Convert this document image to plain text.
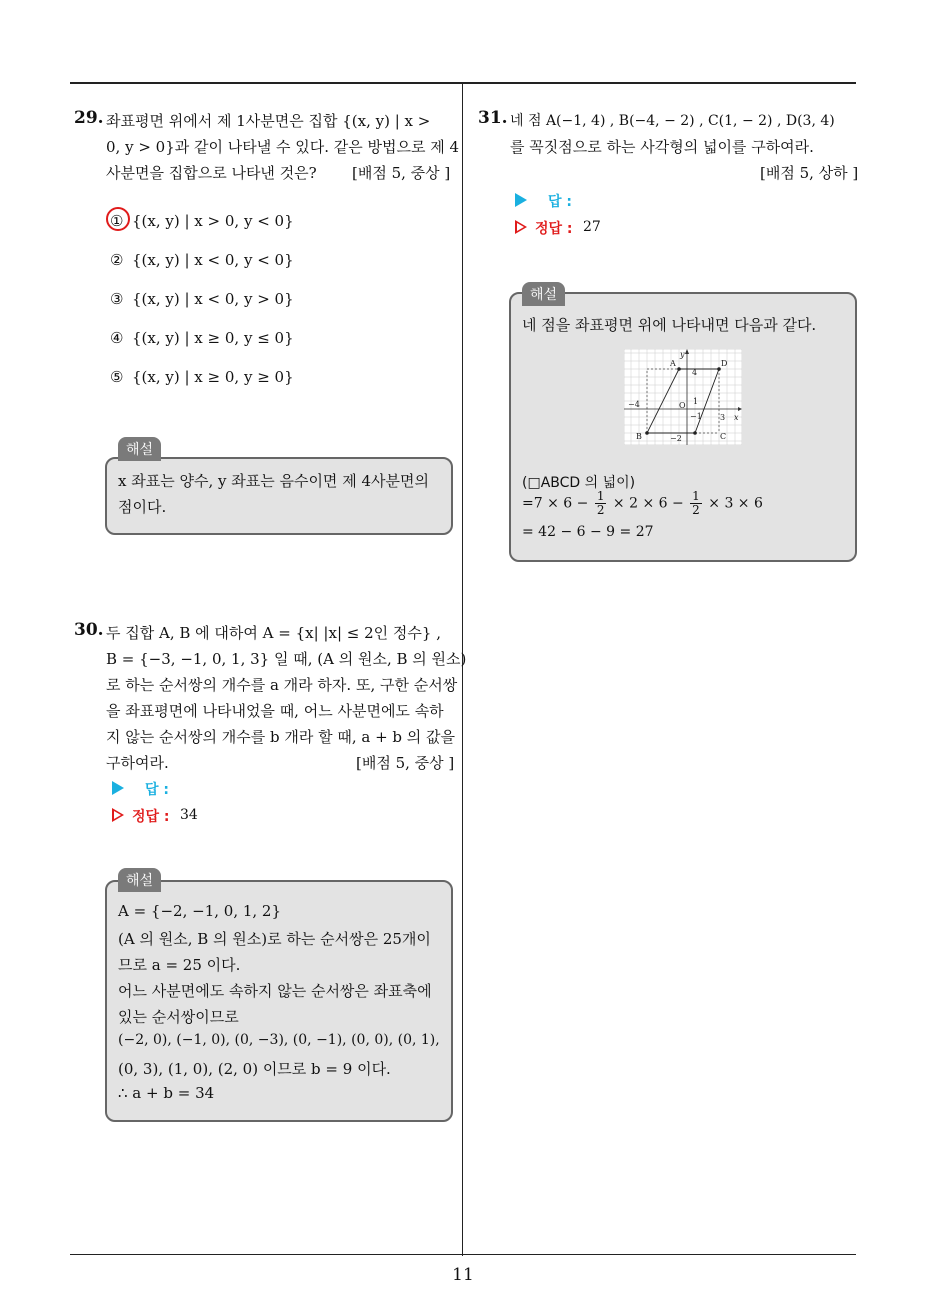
29. 좌표평면 위에서 제 1사분면은 집합 {(x, y) | x >
0, y > 0}과 같이 나타낼 수 있다. 같은 방법으로 제 4
사분면을 집합으로 나타낸 것은? [배점 5, 중상 ]
① {(x, y) | x > 0, y < 0}
② {(x, y) | x < 0, y < 0}
③ {(x, y) | x < 0, y > 0}
④ {(x, y) | x ≥ 0, y ≤ 0}
⑤ {(x, y) | x ≥ 0, y ≥ 0}
해설
x 좌표는 양수, y 좌표는 음수이면 제 4사분면의
점이다.
30. 두 집합 A, B 에 대하여 A = {x| |x| ≤ 2인 정수} ,
B = {−3, −1, 0, 1, 3} 일 때, (A 의 원소, B 의 원소)
로 하는 순서쌍의 개수를 a 개라 하자. 또, 구한 순서쌍
을 좌표평면에 나타내었을 때, 어느 사분면에도 속하
지 않는 순서쌍의 개수를 b 개라 할 때, a + b 의 값을
구하여라.	[배점 5, 중상 ]
답 :
정답 : 34
해설
A = {−2, −1, 0, 1, 2}
(A 의 원소, B 의 원소)로 하는 순서쌍은 25개이
므로 a = 25 이다.
어느 사분면에도 속하지 않는 순서쌍은 좌표축에
있는 순서쌍이므로
(−2, 0), (−1, 0), (0, −3), (0, −1), (0, 0), (0, 1),
(0, 3), (1, 0), (2, 0) 이므로 b = 9 이다.
∴ a + b = 34
31. 네 점 A(−1, 4) , B(−4, − 2) , C(1, − 2) , D(3, 4)
를 꼭짓점으로 하는 사각형의 넓이를 구하여라.
[배점 5, 상하 ]
답 :
정답 : 27
해설
네 점을 좌표평면 위에 나타내면 다음과 같다.
y
x
O
A
B	C
D
4
−4
3
−2
1
−1
(□ABCD 의 넓이)
$=7 \times 6 - \frac{1}{2} \times 2 \times 6 - \frac{1}{2} \times 3 \times 6$
= 42 − 6 − 9 = 27
11
